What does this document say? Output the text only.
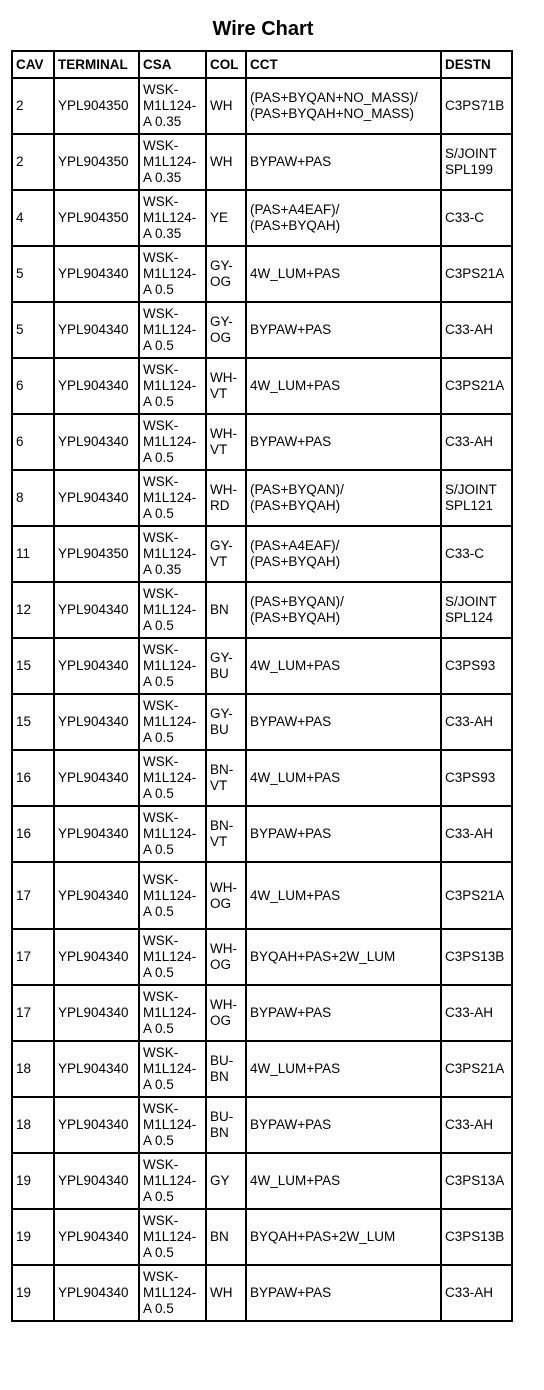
Wire Chart
CAV	TERMINAL	CSA	COL	CCT	DESTN
2	YPL904350	WSK-
M1L124-
A 0.35	WH	(PAS+BYQAN+NO_MASS)/
(PAS+BYQAH+NO_MASS)	C3PS71B
2	YPL904350	WSK-
M1L124-
A 0.35	WH	BYPAW+PAS	S/JOINT
SPL199
4	YPL904350	WSK-
M1L124-
A 0.35	YE	(PAS+A4EAF)/
(PAS+BYQAH)	C33-C
5	YPL904340	WSK-
M1L124-
A 0.5	GY-
OG	4W_LUM+PAS	C3PS21A
5	YPL904340	WSK-
M1L124-
A 0.5	GY-
OG	BYPAW+PAS	C33-AH
6	YPL904340	WSK-
M1L124-
A 0.5	WH-
VT	4W_LUM+PAS	C3PS21A
6	YPL904340	WSK-
M1L124-
A 0.5	WH-
VT	BYPAW+PAS	C33-AH
8	YPL904340	WSK-
M1L124-
A 0.5	WH-
RD	(PAS+BYQAN)/
(PAS+BYQAH)	S/JOINT
SPL121
11	YPL904350	WSK-
M1L124-
A 0.35	GY-
VT	(PAS+A4EAF)/
(PAS+BYQAH)	C33-C
12	YPL904340	WSK-
M1L124-
A 0.5	BN	(PAS+BYQAN)/
(PAS+BYQAH)	S/JOINT
SPL124
15	YPL904340	WSK-
M1L124-
A 0.5	GY-
BU	4W_LUM+PAS	C3PS93
15	YPL904340	WSK-
M1L124-
A 0.5	GY-
BU	BYPAW+PAS	C33-AH
16	YPL904340	WSK-
M1L124-
A 0.5	BN-
VT	4W_LUM+PAS	C3PS93
16	YPL904340	WSK-
M1L124-
A 0.5	BN-
VT	BYPAW+PAS	C33-AH
17	YPL904340	WSK-
M1L124-
A 0.5	WH-
OG	4W_LUM+PAS	C3PS21A
17	YPL904340	WSK-
M1L124-
A 0.5	WH-
OG	BYQAH+PAS+2W_LUM	C3PS13B
17	YPL904340	WSK-
M1L124-
A 0.5	WH-
OG	BYPAW+PAS	C33-AH
18	YPL904340	WSK-
M1L124-
A 0.5	BU-
BN	4W_LUM+PAS	C3PS21A
18	YPL904340	WSK-
M1L124-
A 0.5	BU-
BN	BYPAW+PAS	C33-AH
19	YPL904340	WSK-
M1L124-
A 0.5	GY	4W_LUM+PAS	C3PS13A
19	YPL904340	WSK-
M1L124-
A 0.5	BN	BYQAH+PAS+2W_LUM	C3PS13B
19	YPL904340	WSK-
M1L124-
A 0.5	WH	BYPAW+PAS	C33-AH
